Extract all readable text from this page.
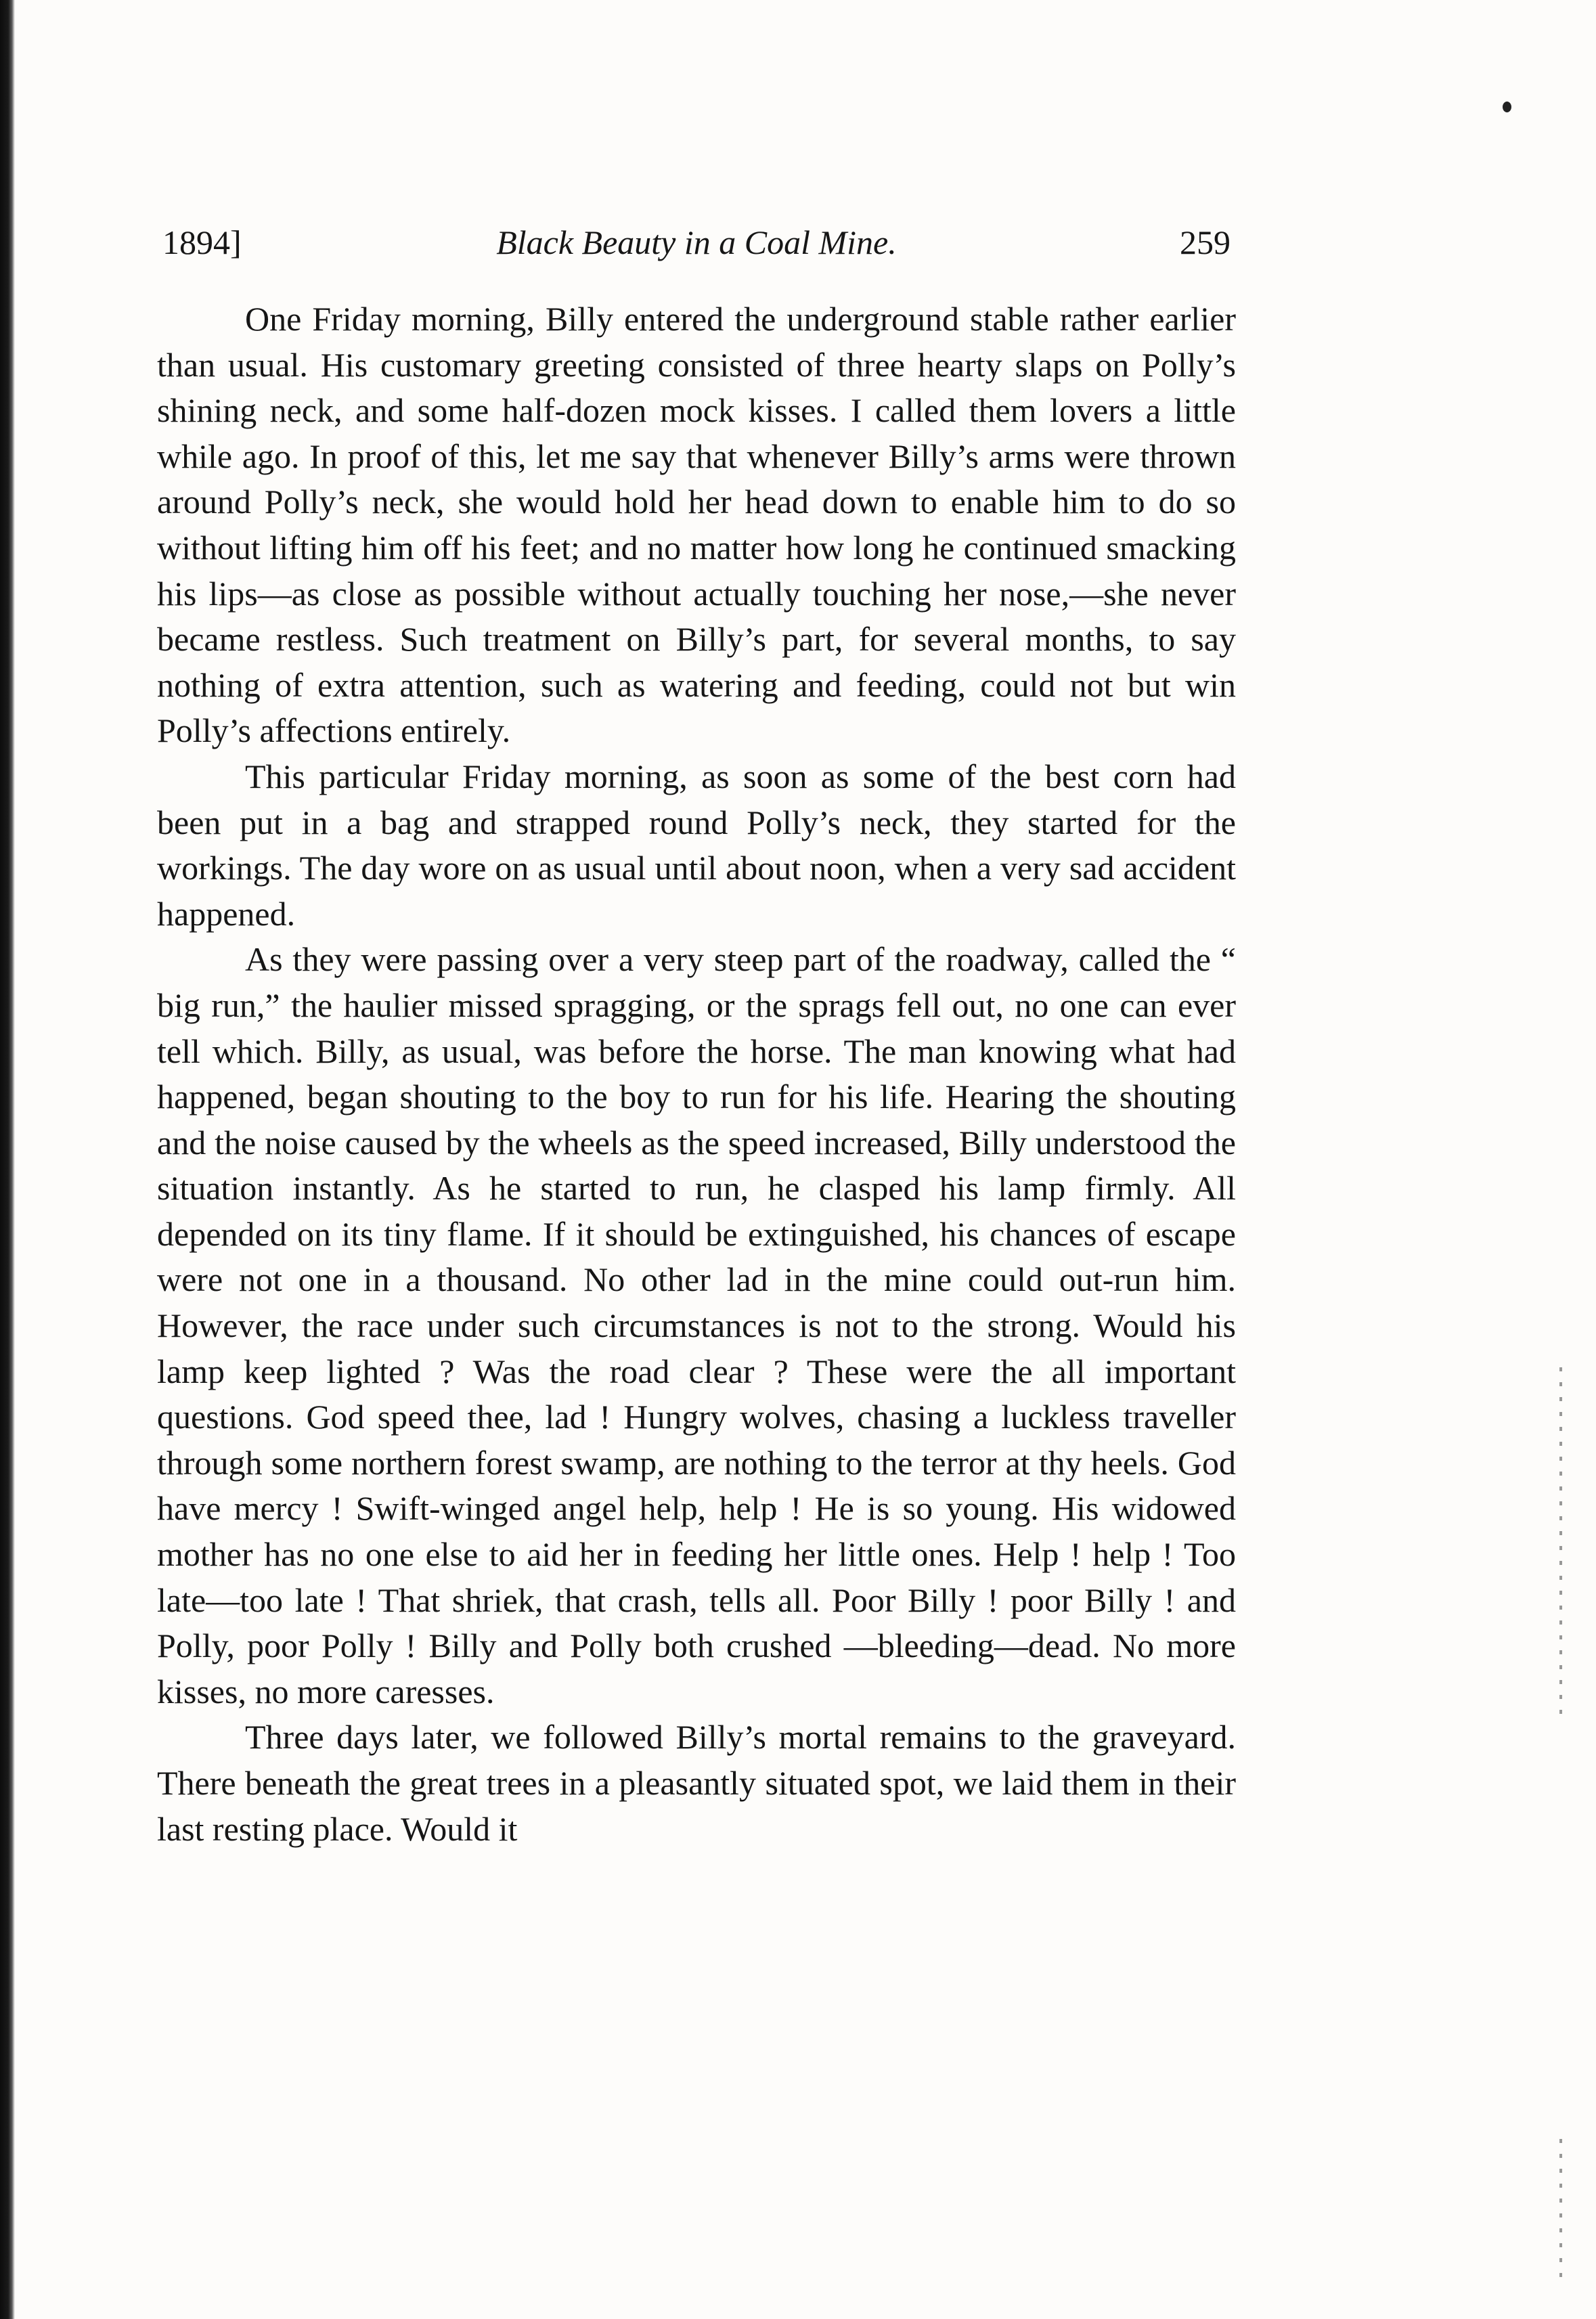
1894]	Black Beauty in a Coal Mine.	259

One Friday morning, Billy entered the underground stable rather earlier than usual. His customary greeting consisted of three hearty slaps on Polly’s shining neck, and some half-dozen mock kisses. I called them lovers a little while ago. In proof of this, let me say that whenever Billy’s arms were thrown around Polly’s neck, she would hold her head down to enable him to do so without lifting him off his feet; and no matter how long he continued smacking his lips—as close as possible without actually touching her nose,—she never became restless. Such treatment on Billy’s part, for several months, to say nothing of extra attention, such as watering and feeding, could not but win Polly’s affections entirely.

This particular Friday morning, as soon as some of the best corn had been put in a bag and strapped round Polly’s neck, they started for the workings. The day wore on as usual until about noon, when a very sad accident happened.

As they were passing over a very steep part of the roadway, called the “ big run,” the haulier missed spragging, or the sprags fell out, no one can ever tell which. Billy, as usual, was before the horse. The man knowing what had happened, began shouting to the boy to run for his life. Hearing the shouting and the noise caused by the wheels as the speed increased, Billy understood the situation instantly. As he started to run, he clasped his lamp firmly. All depended on its tiny flame. If it should be extinguished, his chances of escape were not one in a thousand. No other lad in the mine could out-run him. However, the race under such circumstances is not to the strong. Would his lamp keep lighted ? Was the road clear ? These were the all important questions. God speed thee, lad ! Hungry wolves, chasing a luckless traveller through some northern forest swamp, are nothing to the terror at thy heels. God have mercy ! Swift-winged angel help, help ! He is so young. His widowed mother has no one else to aid her in feeding her little ones. Help ! help ! Too late—too late ! That shriek, that crash, tells all. Poor Billy ! poor Billy ! and Polly, poor Polly ! Billy and Polly both crushed —bleeding—dead. No more kisses, no more caresses.

Three days later, we followed Billy’s mortal remains to the graveyard. There beneath the great trees in a pleasantly situated spot, we laid them in their last resting place. Would it
